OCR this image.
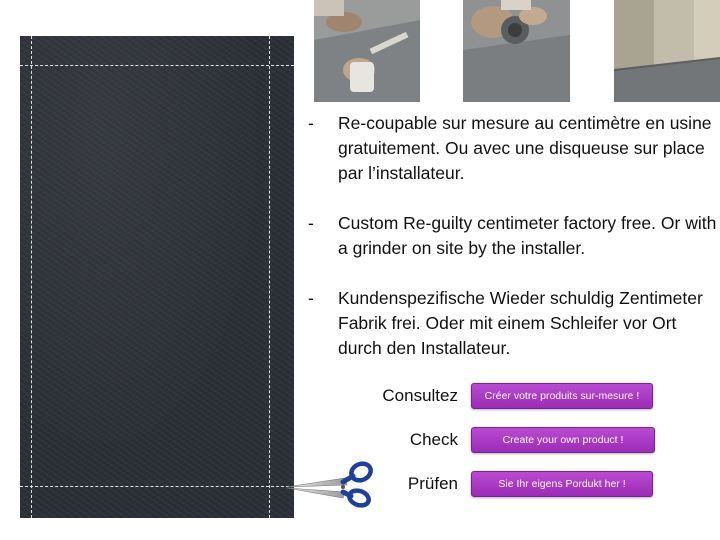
-	Re-coupable sur mesure au centimètre en usine gratuitement. Ou avec une disqueuse sur place par l’installateur.
-	Custom Re-guilty centimeter factory free. Or with a grinder on site by the installer.
-	Kundenspezifische Wieder schuldig Zentimeter Fabrik frei. Oder mit einem Schleifer vor Ort durch den Installateur.
Consultez	Créer votre produits sur-mesure !
Check	Create your own product !
Prüfen	Sie Ihr eigens Pordukt her !
